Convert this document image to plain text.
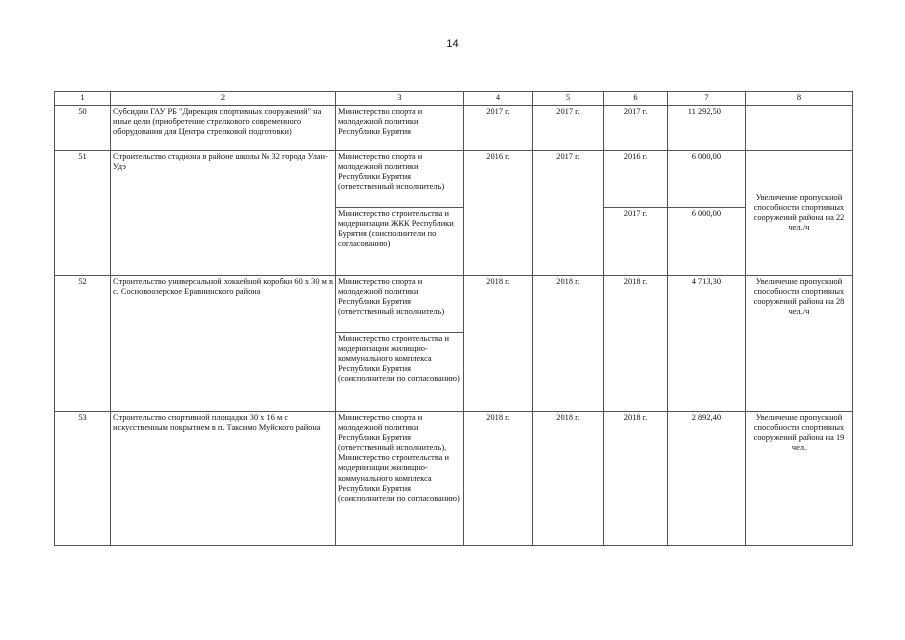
14
1	2	3	4	5	6	7	8
50	Субсидии ГАУ РБ "Дирекция спортивных сооружений" на иные цели (приобретение стрелкового современного оборудования для Центра стрелковой подготовки)	Министерство спорта и молодежной политики Республики Бурятия	2017 г.	2017 г.	2017 г.	11 292,50	
51	Строительство стадиона в районе школы № 32 города Улан-Удэ	Министерство спорта и молодежной политики Республики Бурятия (ответственный исполнитель)	2016 г.	2017 г.	2016 г.	6 000,00	Увеличение пропускной способности спортивных сооружений района на 22 чел./ч
		Министерство строительства и модернизации ЖКК Республики Бурятия (соисполнители по согласованию)			2017 г.	6 000,00	
52	Строительство универсальной хоккейной коробки 60 х 30 м в с. Сосновоозерское Еравнинского района	Министерство спорта и молодежной политики Республики Бурятия (ответственный исполнитель)	2018 г.	2018 г.	2018 г.	4 713,30	Увеличение пропускной способности спортивных сооружений района на 28 чел./ч
		Министерство строительства и модернизации жилищно-коммунального комплекса Республики Бурятия (соисполнители по согласованию)					
53	Строительство спортивной площадки 30 х 16 м с искусственным покрытием в п. Таксимо Муйского района	Министерство спорта и молодежной политики Республики Бурятия (ответственный исполнитель), Министерство строительства и модернизации жилищно-коммунального комплекса Республики Бурятия (соисполнители по согласованию)	2018 г.	2018 г.	2018 г.	2 892,40	Увеличение пропускной способности спортивных сооружений района на 19 чел.
